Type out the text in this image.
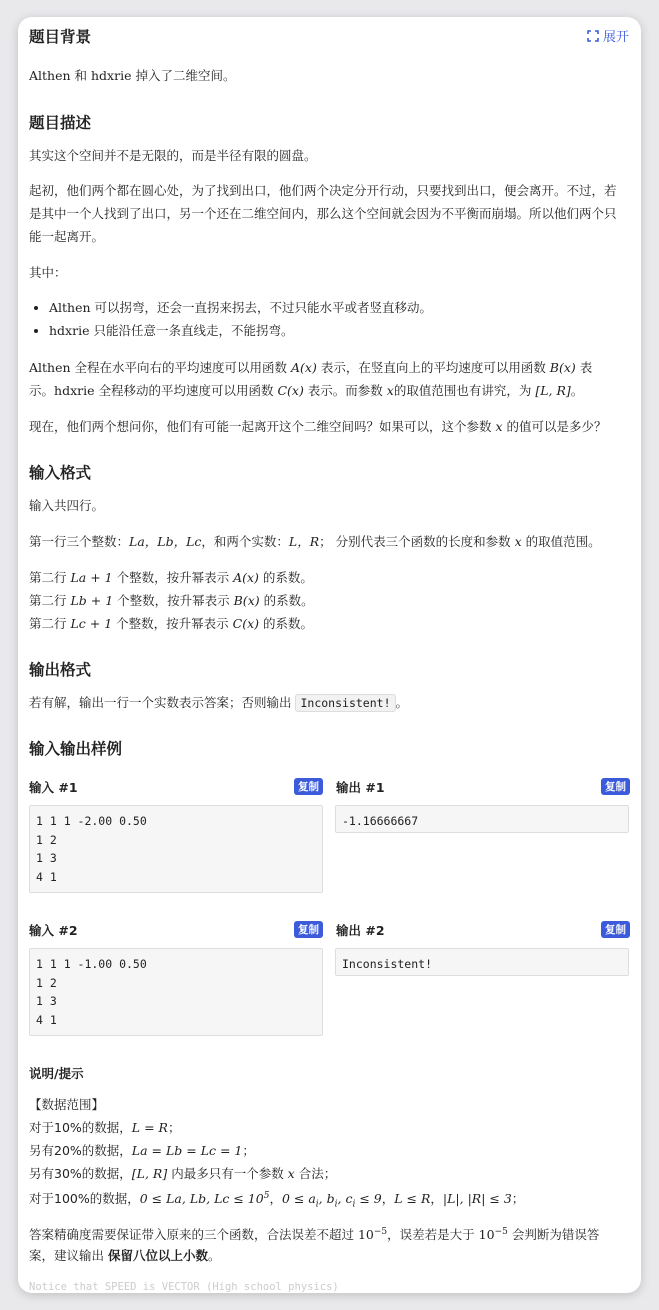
题目背景	展开
Althen 和 hdxrie 掉入了二维空间。
题目描述
其实这个空间并不是无限的，而是半径有限的圆盘。
起初，他们两个都在圆心处，为了找到出口，他们两个决定分开行动，只要找到出口，便会离开。不过，若是其中一个人找到了出口，另一个还在二维空间内，那么这个空间就会因为不平衡而崩塌。所以他们两个只能一起离开。
其中：
• Althen 可以拐弯，还会一直拐来拐去，不过只能水平或者竖直移动。
• hdxrie 只能沿任意一条直线走，不能拐弯。
Althen 全程在水平向右的平均速度可以用函数 A(x) 表示，在竖直向上的平均速度可以用函数 B(x) 表
示。hdxrie 全程移动的平均速度可以用函数 C(x) 表示。而参数 x的取值范围也有讲究，为 [L, R]。
现在，他们两个想问你，他们有可能一起离开这个二维空间吗？如果可以，这个参数 x 的值可以是多少？
输入格式
输入共四行。
第一行三个整数：La，Lb，Lc，和两个实数：L，R； 分别代表三个函数的长度和参数 x 的取值范围。
第二行 La + 1 个整数，按升幂表示 A(x) 的系数。
第二行 Lb + 1 个整数，按升幂表示 B(x) 的系数。
第二行 Lc + 1 个整数，按升幂表示 C(x) 的系数。
输出格式
若有解，输出一行一个实数表示答案；否则输出 Inconsistent! 。
输入输出样例
输入 #1	复制
1 1 1 -2.00 0.50
1 2
1 3
4 1
输出 #1	复制
-1.16666667
输入 #2	复制
1 1 1 -1.00 0.50
1 2
1 3
4 1
输出 #2	复制
Inconsistent!
说明/提示
【数据范围】
对于10%的数据，L = R；
另有20%的数据，La = Lb = Lc = 1；
另有30%的数据，[L, R] 内最多只有一个参数 x 合法；
对于100%的数据，0 ≤ La, Lb, $Lc \le 10^5$，$0 \le a_i$, $b_i$, $c_i \le 9$，L ≤ R，|L|, |R| ≤ 3；
答案精确度需要保证带入原来的三个函数，合法误差不超过 $10^{-5}$，误差若是大于 $10^{-5}$ 会判断为错误答
案，建议输出 保留八位以上小数。
Notice that SPEED is VECTOR (High school physics)
